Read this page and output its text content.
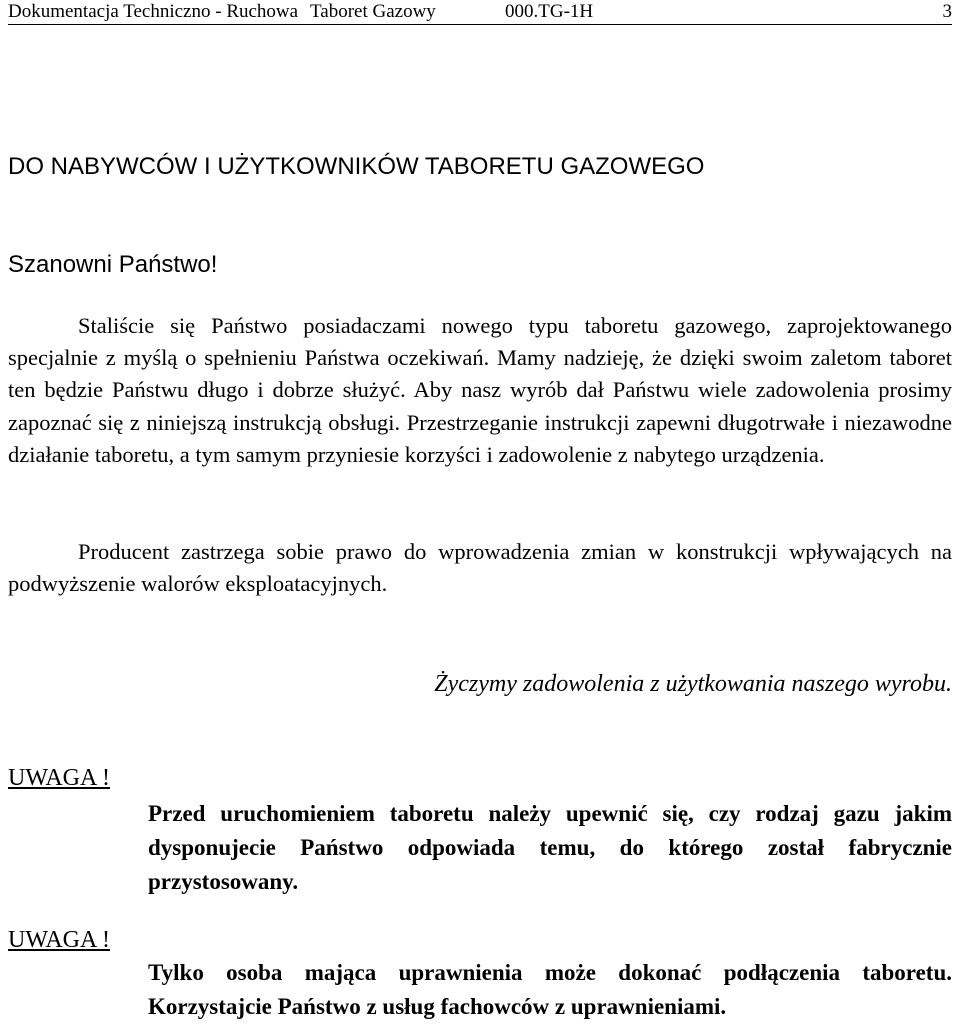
Dokumentacja Techniczno - Ruchowa Taboret Gazowy	000.TG-1H	3
DO NABYWCÓW I UŻYTKOWNIKÓW TABORETU GAZOWEGO
Szanowni Państwo!
Staliście się Państwo posiadaczami nowego typu taboretu gazowego, zaprojektowanego specjalnie z myślą o spełnieniu Państwa oczekiwań. Mamy nadzieję, że dzięki swoim zaletom taboret ten będzie Państwu długo i dobrze służyć. Aby nasz wyrób dał Państwu wiele zadowolenia prosimy zapoznać się z niniejszą instrukcją obsługi. Przestrzeganie instrukcji zapewni długotrwałe i niezawodne działanie taboretu, a tym samym przyniesie korzyści i zadowolenie z nabytego urządzenia.
Producent zastrzega sobie prawo do wprowadzenia zmian w konstrukcji wpływających na podwyższenie walorów eksploatacyjnych.
Życzymy zadowolenia z użytkowania naszego wyrobu.
UWAGA !
Przed uruchomieniem taboretu należy upewnić się, czy rodzaj gazu jakim dysponujecie Państwo odpowiada temu, do którego został fabrycznie przystosowany.
UWAGA !
Tylko osoba mająca uprawnienia może dokonać podłączenia taboretu. Korzystajcie Państwo z usług fachowców z uprawnieniami.
